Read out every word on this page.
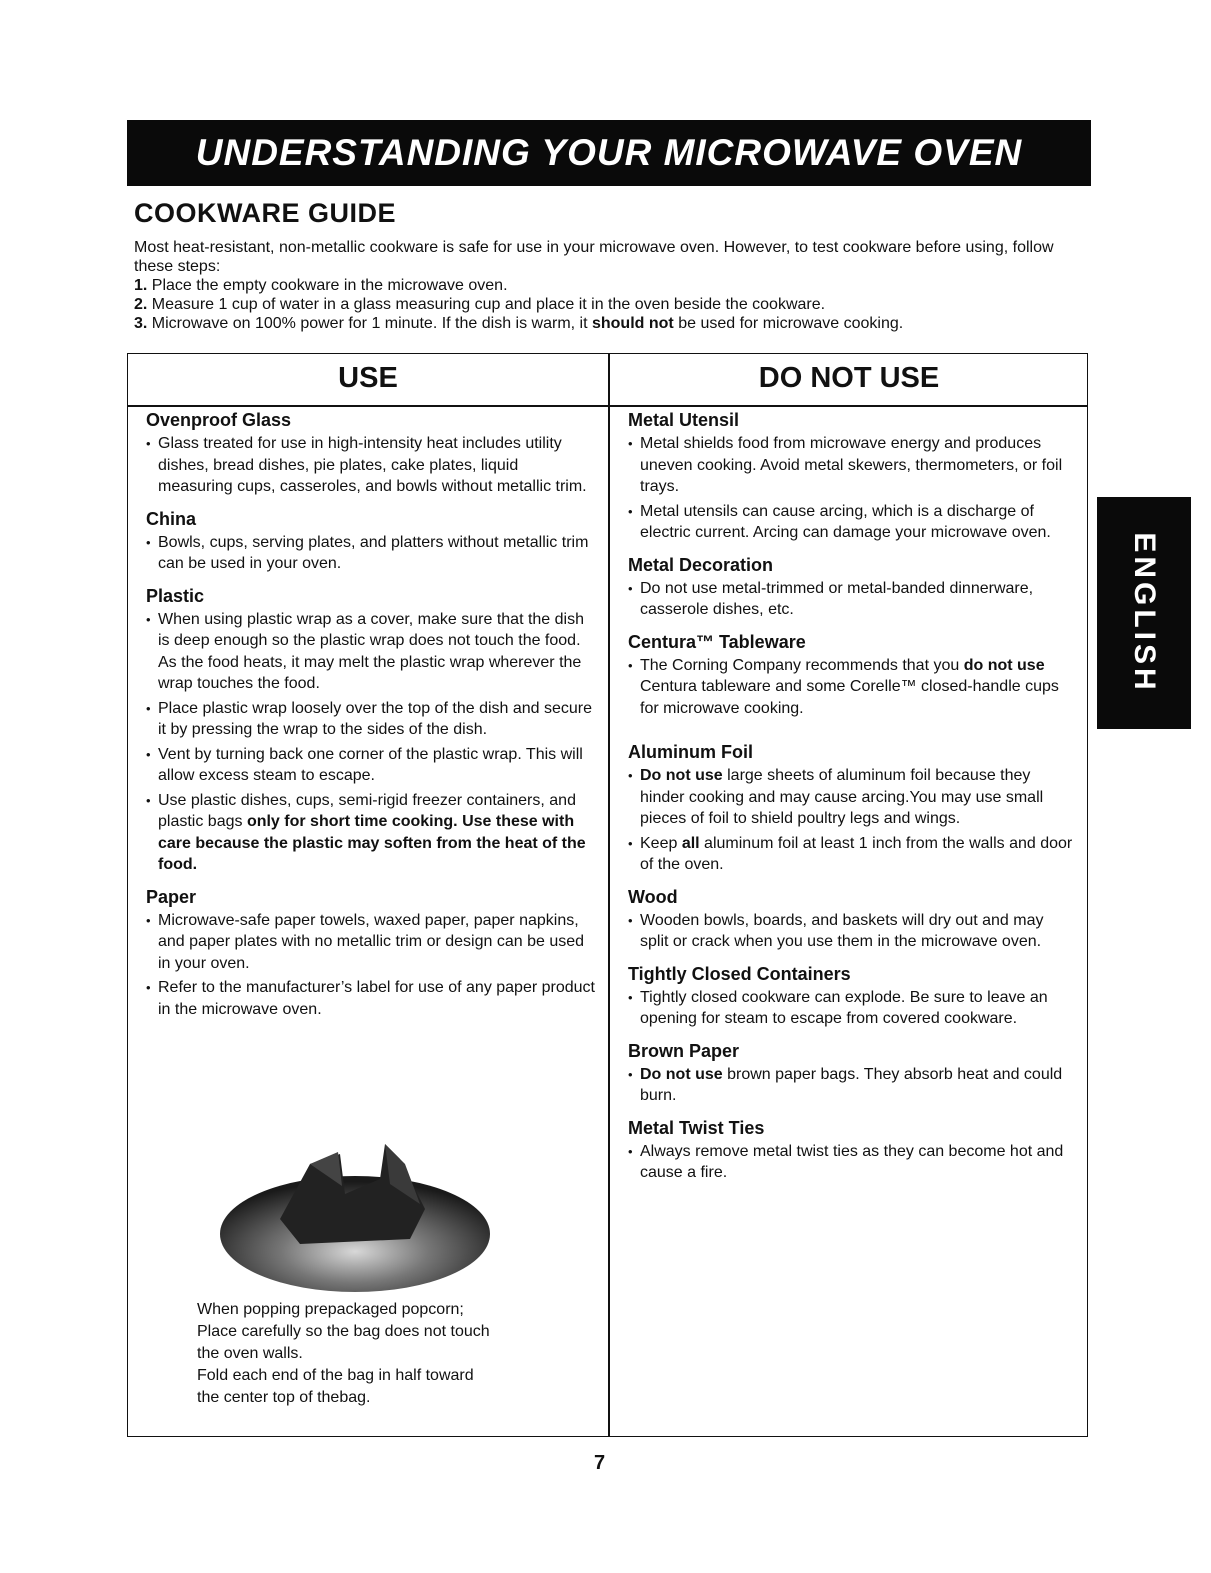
UNDERSTANDING YOUR MICROWAVE OVEN
COOKWARE GUIDE

Most heat-resistant, non-metallic cookware is safe for use in your microwave oven. However, to test cookware before using, follow these steps:

1. Place the empty cookware in the microwave oven.
2. Measure 1 cup of water in a glass measuring cup and place it in the oven beside the cookware.
3. Microwave on 100% power for 1 minute. If the dish is warm, it should not be used for microwave cooking.
USE	DO NOT USE
Ovenproof Glass
• Glass treated for use in high-intensity heat includes utility dishes, bread dishes, pie plates, cake plates, liquid measuring cups, casseroles, and bowls without metallic trim.
China
• Bowls, cups, serving plates, and platters without metallic trim can be used in your oven.
Plastic
• When using plastic wrap as a cover, make sure that the dish is deep enough so the plastic wrap does not touch the food. As the food heats, it may melt the plastic wrap wherever the wrap touches the food.
• Place plastic wrap loosely over the top of the dish and secure it by pressing the wrap to the sides of the dish.
• Vent by turning back one corner of the plastic wrap. This will allow excess steam to escape.
• Use plastic dishes, cups, semi-rigid freezer containers, and plastic bags only for short time cooking. Use these with care because the plastic may soften from the heat of the food.
Paper
• Microwave-safe paper towels, waxed paper, paper napkins, and paper plates with no metallic trim or design can be used in your oven.
• Refer to the manufacturer’s label for use of any paper product in the microwave oven.
When popping prepackaged popcorn;
Place carefully so the bag does not touch
the oven walls.
Fold each end of the bag in half toward
the center top of thebag.
Metal Utensil
• Metal shields food from microwave energy and produces uneven cooking. Avoid metal skewers, thermometers, or foil trays.
• Metal utensils can cause arcing, which is a discharge of electric current. Arcing can damage your microwave oven.
Metal Decoration
• Do not use metal-trimmed or metal-banded dinnerware, casserole dishes, etc.
Centura™ Tableware
• The Corning Company recommends that you do not use Centura tableware and some Corelle™ closed-handle cups for microwave cooking.
Aluminum Foil
• Do not use large sheets of aluminum foil because they hinder cooking and may cause arcing.You may use small pieces of foil to shield poultry legs and wings.
• Keep all aluminum foil at least 1 inch from the walls and door of the oven.
Wood
• Wooden bowls, boards, and baskets will dry out and may split or crack when you use them in the microwave oven.
Tightly Closed Containers
• Tightly closed cookware can explode. Be sure to leave an opening for steam to escape from covered cookware.
Brown Paper
• Do not use brown paper bags. They absorb heat and could burn.
Metal Twist Ties
• Always remove metal twist ties as they can become hot and cause a fire.
7
ENGLISH
